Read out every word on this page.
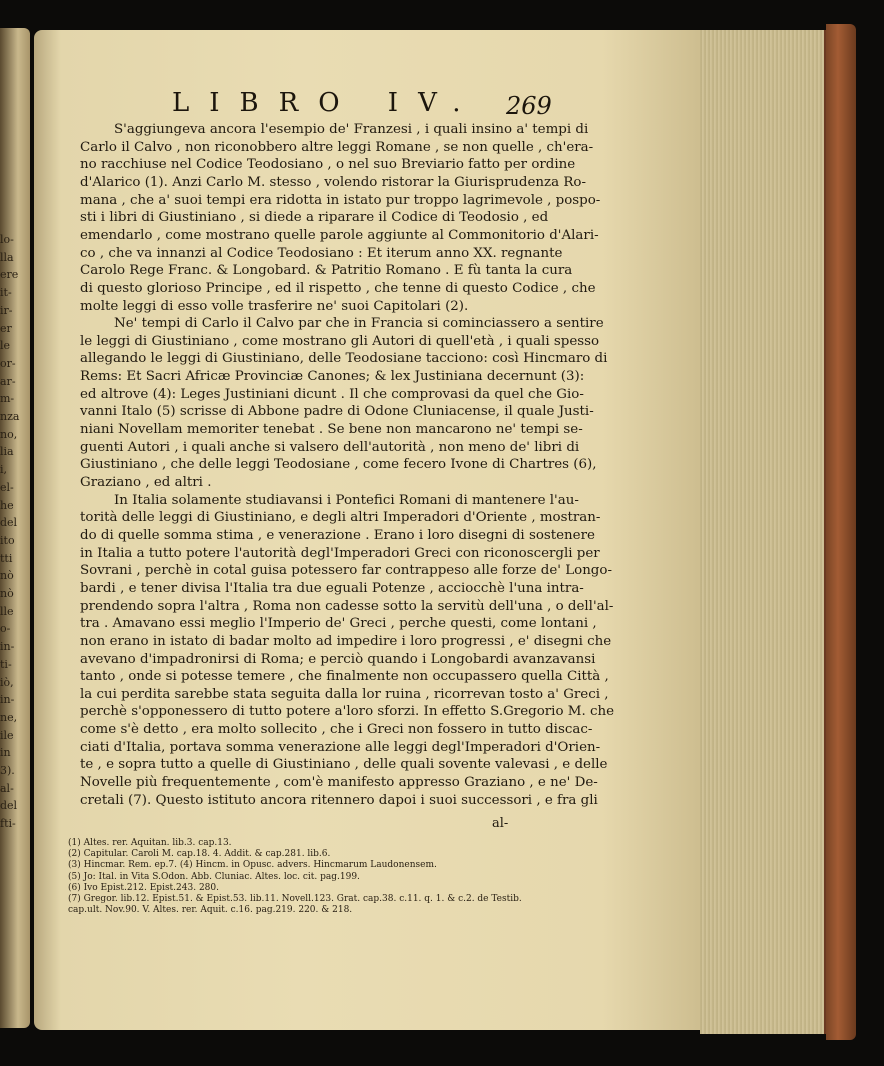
lo-
lla
ere
it-
ir-
er
le
or-
ar-
m-
nza
no,
lia
i,
el-
he
del
ito
tti
nò
nò
lle
o-
in-
ti-
iò,
in-
ne,
ile
in
3).
al-
del
fti-
LIBRO IV.	269
S'aggiungeva ancora l'esempio de' Franzesi , i quali insino a' tempi di
Carlo il Calvo , non riconobbero altre leggi Romane , se non quelle , ch'era-
no racchiuse nel Codice Teodosiano , o nel suo Breviario fatto per ordine
d'Alarico (1). Anzi Carlo M. stesso , volendo ristorar la Giurisprudenza Ro-
mana , che a' suoi tempi era ridotta in istato pur troppo lagrimevole , pospo-
sti i libri di Giustiniano , si diede a riparare il Codice di Teodosio , ed
emendarlo , come mostrano quelle parole aggiunte al Commonitorio d'Alari-
co , che va innanzi al Codice Teodosiano : Et iterum anno XX. regnante
Carolo Rege Franc. & Longobard. & Patritio Romano . E fù tanta la cura
di questo glorioso Principe , ed il rispetto , che tenne di questo Codice , che
molte leggi di esso volle trasferire ne' suoi Capitolari (2).
Ne' tempi di Carlo il Calvo par che in Francia si cominciassero a sentire
le leggi di Giustiniano , come mostrano gli Autori di quell'età , i quali spesso
allegando le leggi di Giustiniano, delle Teodosiane tacciono: così Hincmaro di
Rems: Et Sacri Africæ Provinciæ Canones; & lex Justiniana decernunt (3):
ed altrove (4): Leges Justiniani dicunt . Il che comprovasi da quel che Gio-
vanni Italo (5) scrisse di Abbone padre di Odone Cluniacense, il quale Justi-
niani Novellam memoriter tenebat . Se bene non mancarono ne' tempi se-
guenti Autori , i quali anche si valsero dell'autorità , non meno de' libri di
Giustiniano , che delle leggi Teodosiane , come fecero Ivone di Chartres (6),
Graziano , ed altri .
In Italia solamente studiavansi i Pontefici Romani di mantenere l'au-
torità delle leggi di Giustiniano, e degli altri Imperadori d'Oriente , mostran-
do di quelle somma stima , e venerazione . Erano i loro disegni di sostenere
in Italia a tutto potere l'autorità degl'Imperadori Greci con riconoscergli per
Sovrani , perchè in cotal guisa potessero far contrappeso alle forze de' Longo-
bardi , e tener divisa l'Italia tra due eguali Potenze , acciocchè l'una intra-
prendendo sopra l'altra , Roma non cadesse sotto la servitù dell'una , o dell'al-
tra . Amavano essi meglio l'Imperio de' Greci , perche questi, come lontani ,
non erano in istato di badar molto ad impedire i loro progressi , e' disegni che
avevano d'impadronirsi di Roma; e perciò quando i Longobardi avanzavansi
tanto , onde si potesse temere , che finalmente non occupassero quella Città ,
la cui perdita sarebbe stata seguita dalla lor ruina , ricorrevan tosto a' Greci ,
perchè s'opponessero di tutto potere a'loro sforzi. In effetto S.Gregorio M. che
come s'è detto , era molto sollecito , che i Greci non fossero in tutto discac-
ciati d'Italia, portava somma venerazione alle leggi degl'Imperadori d'Orien-
te , e sopra tutto a quelle di Giustiniano , delle quali sovente valevasi , e delle
Novelle più frequentemente , com'è manifesto appresso Graziano , e ne' De-
cretali (7). Questo istituto ancora ritennero dapoi i suoi successori , e fra gli
al-
(1) Altes. rer. Aquitan. lib.3. cap.13.
(2) Capitular. Caroli M. cap.18. 4. Addit. & cap.281. lib.6.
(3) Hincmar. Rem. ep.7. (4) Hincm. in Opusc. advers. Hincmarum Laudonensem.
(5) Jo: Ital. in Vita S.Odon. Abb. Cluniac. Altes. loc. cit. pag.199.
(6) Ivo Epist.212. Epist.243. 280.
(7) Gregor. lib.12. Epist.51. & Epist.53. lib.11. Novell.123. Grat. cap.38. c.11. q. 1. & c.2. de Testib.
cap.ult. Nov.90. V. Altes. rer. Aquit. c.16. pag.219. 220. & 218.
